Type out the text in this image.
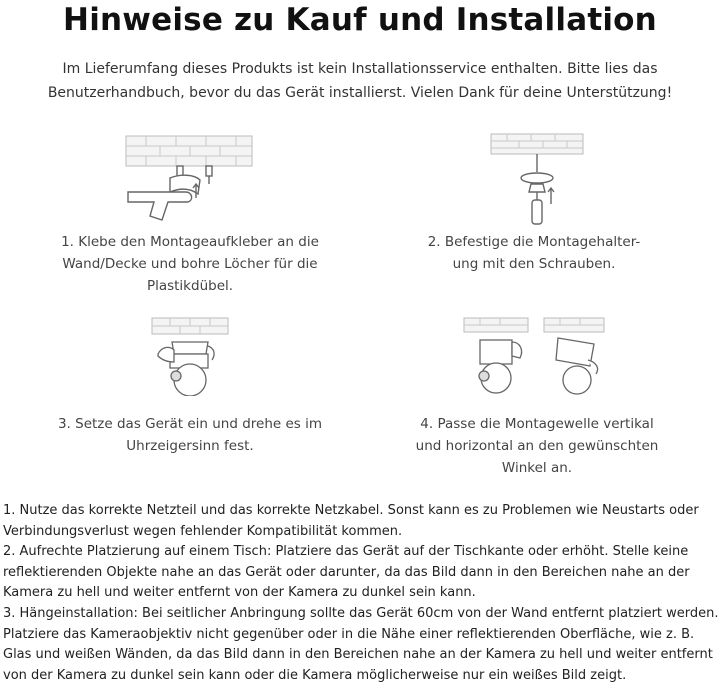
Hinweise zu Kauf und Installation
Im Lieferumfang dieses Produkts ist kein Installationsservice enthalten. Bitte lies das
Benutzerhandbuch, bevor du das Gerät installierst. Vielen Dank für deine Unterstützung!
1. Klebe den Montageaufkleber an die
Wand/Decke und bohre Löcher für die
Plastikdübel.
2. Befestige die Montagehalter-
ung mit den Schrauben.
3. Setze das Gerät ein und drehe es im
Uhrzeigersinn fest.
4. Passe die Montagewelle vertikal
und horizontal an den gewünschten
Winkel an.
1. Nutze das korrekte Netzteil und das korrekte Netzkabel. Sonst kann es zu Problemen wie Neustarts oder
Verbindungsverlust wegen fehlender Kompatibilität kommen.
2. Aufrechte Platzierung auf einem Tisch: Platziere das Gerät auf der Tischkante oder erhöht. Stelle keine
reflektierenden Objekte nahe an das Gerät oder darunter, da das Bild dann in den Bereichen nahe an der
Kamera zu hell und weiter entfernt von der Kamera zu dunkel sein kann.
3. Hängeinstallation: Bei seitlicher Anbringung sollte das Gerät 60cm von der Wand entfernt platziert werden.
Platziere das Kameraobjektiv nicht gegenüber oder in die Nähe einer reflektierenden Oberfläche, wie z. B.
Glas und weißen Wänden, da das Bild dann in den Bereichen nahe an der Kamera zu hell und weiter entfernt
von der Kamera zu dunkel sein kann oder die Kamera möglicherweise nur ein weißes Bild zeigt.
